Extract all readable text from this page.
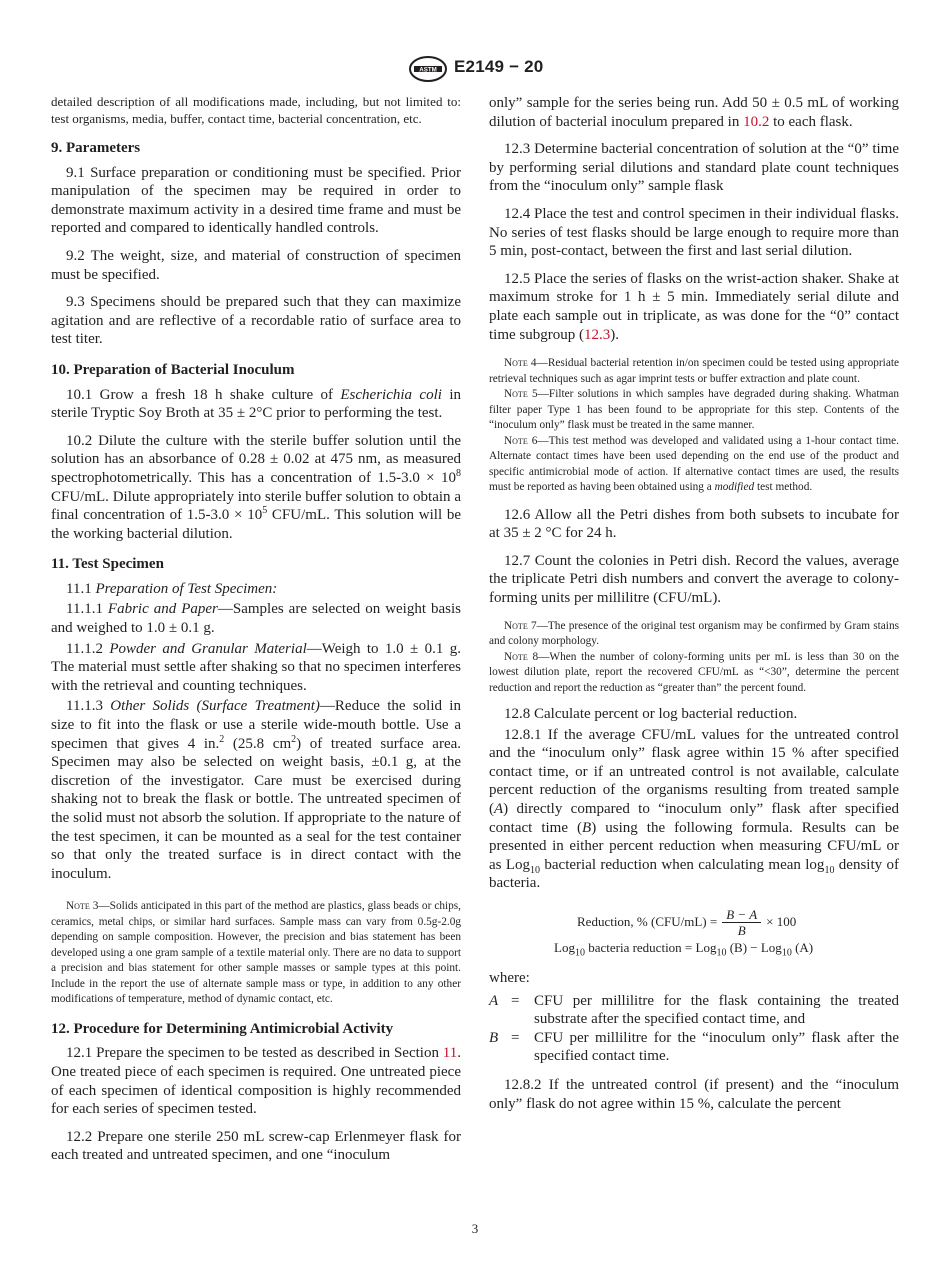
ASTM E2149 − 20

detailed description of all modifications made, including, but not limited to: test organisms, media, buffer, contact time, bacterial concentration, etc.

9. Parameters

9.1 Surface preparation or conditioning must be specified. Prior manipulation of the specimen may be required in order to demonstrate maximum activity in a desired time frame and must be reported and compared to identically handled controls.

9.2 The weight, size, and material of construction of specimen must be specified.

9.3 Specimens should be prepared such that they can maximize agitation and are reflective of a recordable ratio of surface area to test titer.

10. Preparation of Bacterial Inoculum

10.1 Grow a fresh 18 h shake culture of Escherichia coli in sterile Tryptic Soy Broth at 35 ± 2°C prior to performing the test.

10.2 Dilute the culture with the sterile buffer solution until the solution has an absorbance of 0.28 ± 0.02 at 475 nm, as measured spectrophotometrically. This has a concentration of $1.5-3.0 \times 10^8$ CFU/mL. Dilute appropriately into sterile buffer solution to obtain a final concentration of $1.5-3.0 \times 10^5$ CFU/mL. This solution will be the working bacterial dilution.

11. Test Specimen

11.1 Preparation of Test Specimen:

11.1.1 Fabric and Paper—Samples are selected on weight basis and weighed to 1.0 ± 0.1 g.

11.1.2 Powder and Granular Material—Weigh to 1.0 ± 0.1 g. The material must settle after shaking so that no specimen interferes with the retrieval and counting techniques.

11.1.3 Other Solids (Surface Treatment)—Reduce the solid in size to fit into the flask or use a sterile wide-mouth bottle. Use a specimen that gives 4 in.$^2$ (25.8 $cm^2$) of treated surface area. Specimen may also be selected on weight basis, ±0.1 g, at the discretion of the investigator. Care must be exercised during shaking not to break the flask or bottle. The untreated specimen of the solid must not absorb the solution. If appropriate to the nature of the test specimen, it can be mounted as a seal for the test container so that only the treated surface is in direct contact with the inoculum.

Note 3—Solids anticipated in this part of the method are plastics, glass beads or chips, ceramics, metal chips, or similar hard surfaces. Sample mass can vary from 0.5g-2.0g depending on sample composition. However, the precision and bias statement has been developed using a one gram sample of a textile material only. There are no data to support a precision and bias statement for other sample masses or sample types at this point. Include in the report the use of alternate sample mass or type, in addition to any other modifications of temperature, method of dynamic contact, etc.

12. Procedure for Determining Antimicrobial Activity

12.1 Prepare the specimen to be tested as described in Section 11. One treated piece of each specimen is required. One untreated piece of each specimen of identical composition is highly recommended for each series of specimen tested.

12.2 Prepare one sterile 250 mL screw-cap Erlenmeyer flask for each treated and untreated specimen, and one “inoculum

only” sample for the series being run. Add 50 ± 0.5 mL of working dilution of bacterial inoculum prepared in 10.2 to each flask.

12.3 Determine bacterial concentration of solution at the “0” time by performing serial dilutions and standard plate count techniques from the “inoculum only” sample flask

12.4 Place the test and control specimen in their individual flasks. No series of test flasks should be large enough to require more than 5 min, post-contact, between the first and last serial dilution.

12.5 Place the series of flasks on the wrist-action shaker. Shake at maximum stroke for 1 h ± 5 min. Immediately serial dilute and plate each sample out in triplicate, as was done for the “0” contact time subgroup (12.3).

Note 4—Residual bacterial retention in/on specimen could be tested using appropriate retrieval techniques such as agar imprint tests or buffer extraction and plate count.

Note 5—Filter solutions in which samples have degraded during shaking. Whatman filter paper Type 1 has been found to be appropriate for this step. Contents of the “inoculum only” flask must be treated in the same manner.

Note 6—This test method was developed and validated using a 1-hour contact time. Alternate contact times have been used depending on the end use of the product and specific antimicrobial mode of action. If alternative contact times are used, the results must be reported as having been obtained using a modified test method.

12.6 Allow all the Petri dishes from both subsets to incubate for at 35 ± 2 °C for 24 h.

12.7 Count the colonies in Petri dish. Record the values, average the triplicate Petri dish numbers and convert the average to colony-forming units per millilitre (CFU/mL).

Note 7—The presence of the original test organism may be confirmed by Gram stains and colony morphology.

Note 8—When the number of colony-forming units per mL is less than 30 on the lowest dilution plate, report the recovered CFU/mL as “<30”, determine the percent reduction and report the reduction as “greater than” the percent found.

12.8 Calculate percent or log bacterial reduction.

12.8.1 If the average CFU/mL values for the untreated control and the “inoculum only” flask agree within 15 % after specified contact time, or if an untreated control is not available, calculate percent reduction of the organisms resulting from treated sample (A) directly compared to “inoculum only” flask after specified contact time (B) using the following formula. Results can be presented in either percent reduction when measuring CFU/mL or as Log$_{10}$ bacterial reduction when calculating mean $\log_{10}$ density of bacteria.

Reduction, % $(CFU/mL) = \frac{B - A}{B} \times 100$
Log$_{10}$ bacteria reduction = Log$_{10}$ (B) − Log$_{10}$ (A)

where:

A = CFU per millilitre for the flask containing the treated substrate after the specified contact time, and
B = CFU per millilitre for the “inoculum only” flask after the specified contact time.

12.8.2 If the untreated control (if present) and the “inoculum only” flask do not agree within 15 %, calculate the percent

3
